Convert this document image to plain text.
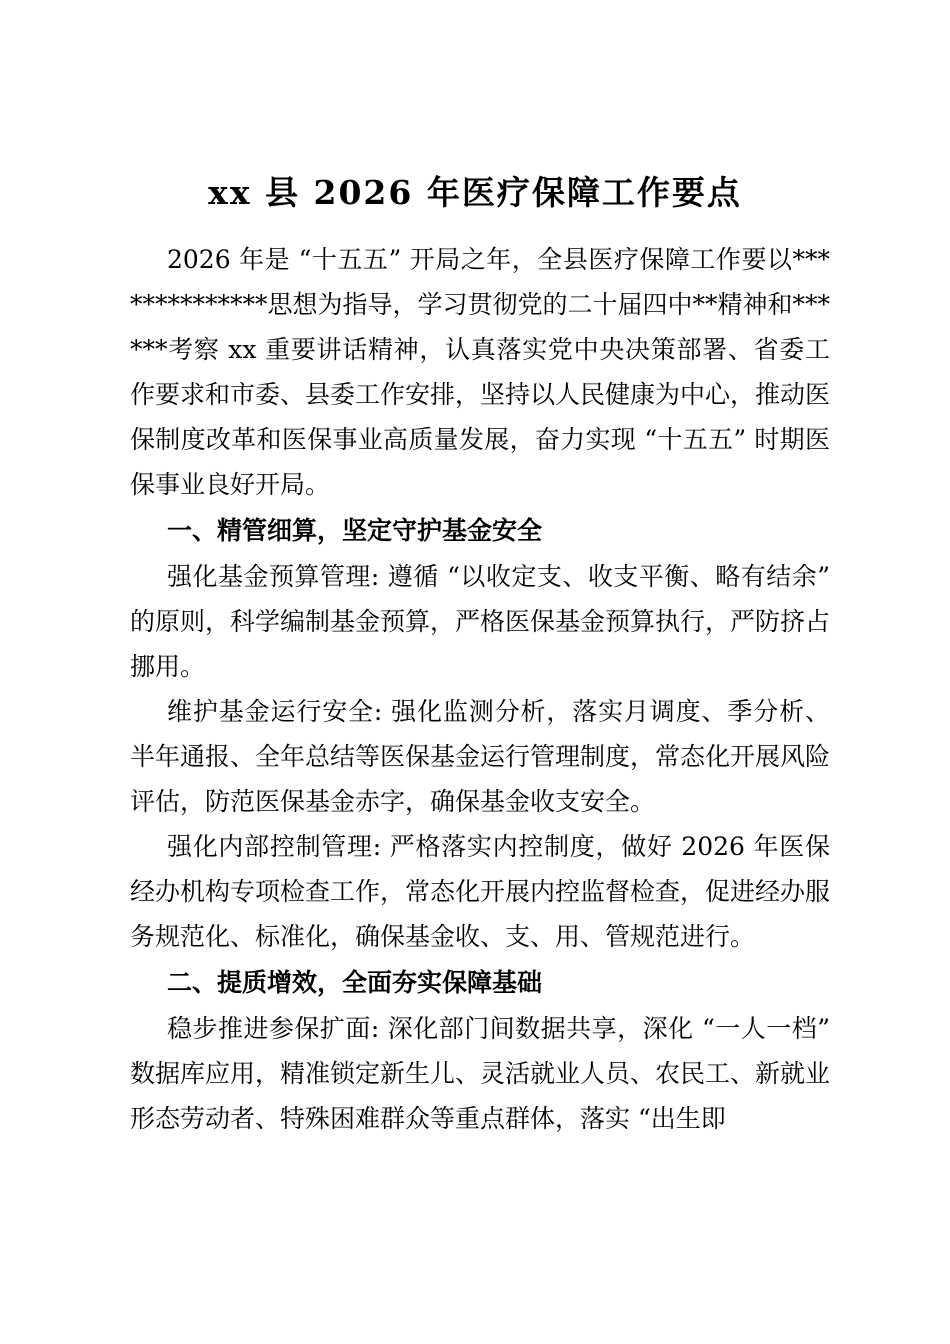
xx 县 2026 年医疗保障工作要点

2026 年是 “十五五” 开局之年，全县医疗保障工作要以**************思想为指导，学习贯彻党的二十届四中**精神和******考察 xx 重要讲话精神，认真落实党中央决策部署、省委工作要求和市委、县委工作安排，坚持以人民健康为中心，推动医保制度改革和医保事业高质量发展，奋力实现 “十五五” 时期医保事业良好开局。

一、精管细算，坚定守护基金安全

强化基金预算管理: 遵循 “以收定支、收支平衡、略有结余” 的原则，科学编制基金预算，严格医保基金预算执行，严防挤占挪用。

维护基金运行安全: 强化监测分析，落实月调度、季分析、半年通报、全年总结等医保基金运行管理制度，常态化开展风险评估，防范医保基金赤字，确保基金收支安全。

强化内部控制管理: 严格落实内控制度，做好 2026 年医保经办机构专项检查工作，常态化开展内控监督检查，促进经办服务规范化、标准化，确保基金收、支、用、管规范进行。

二、提质增效，全面夯实保障基础

稳步推进参保扩面: 深化部门间数据共享，深化 “一人一档” 数据库应用，精准锁定新生儿、灵活就业人员、农民工、新就业形态劳动者、特殊困难群众等重点群体，落实 “出生即
